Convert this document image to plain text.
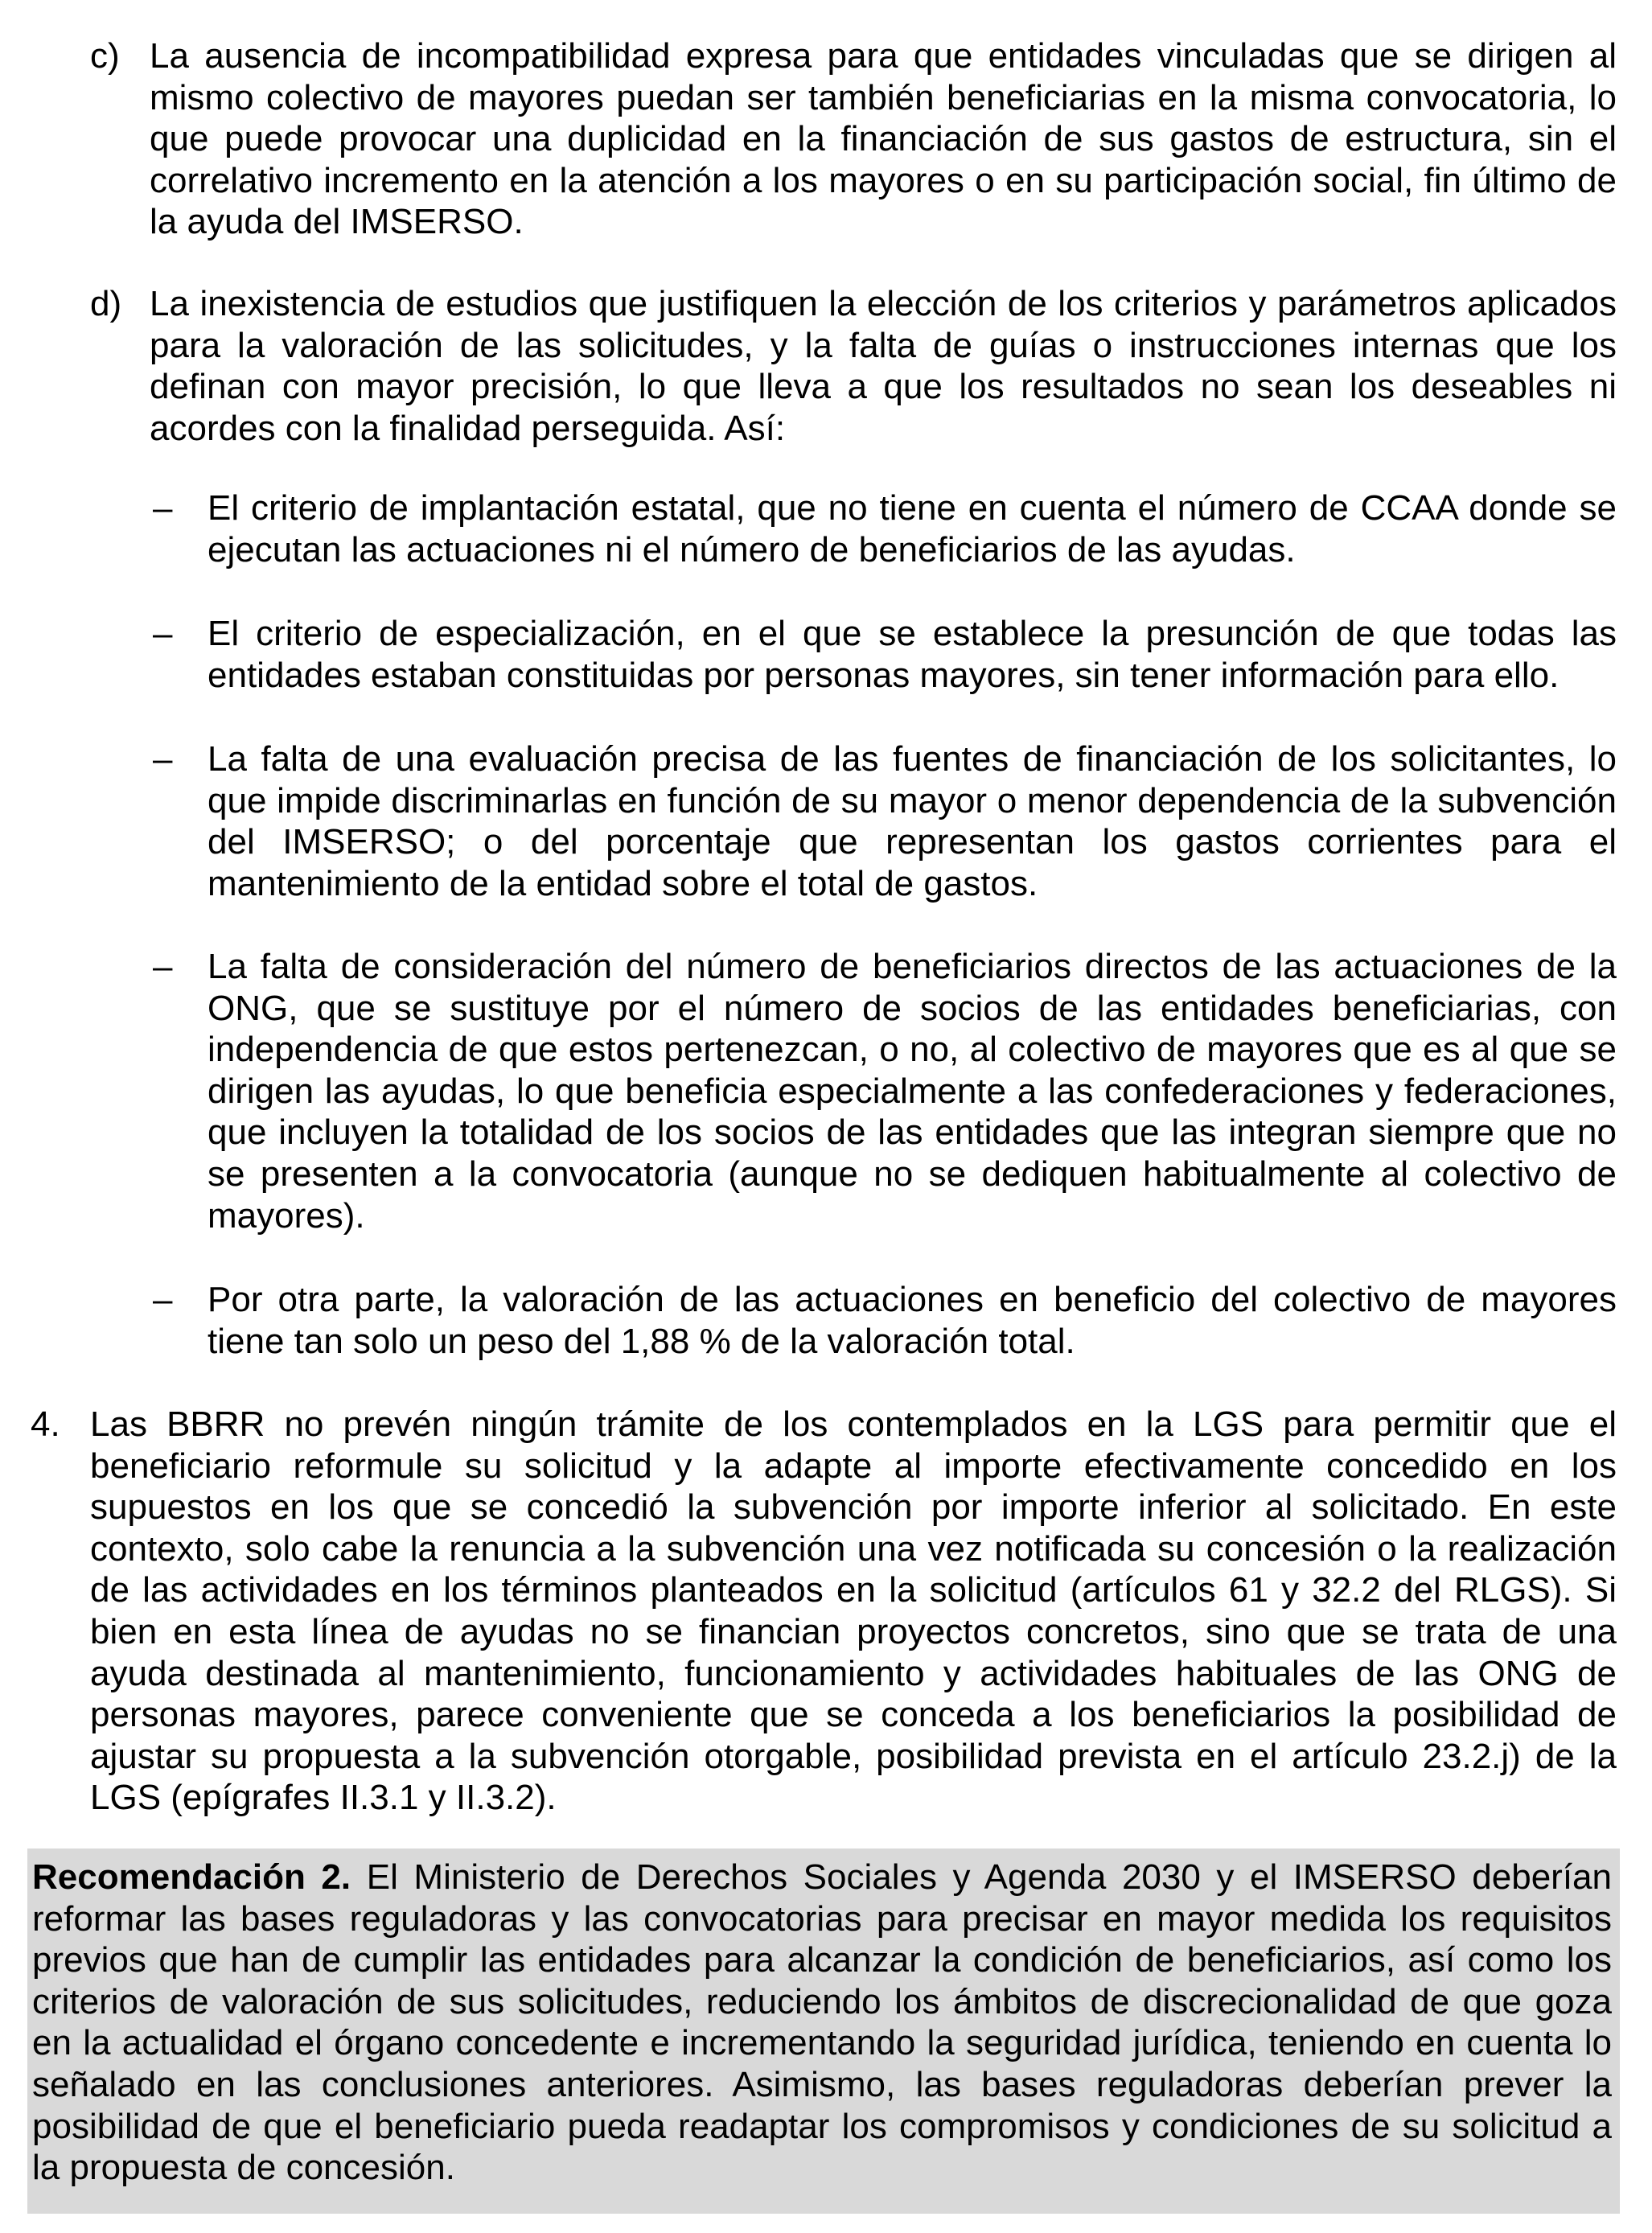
c) La ausencia de incompatibilidad expresa para que entidades vinculadas que se dirigen al mismo colectivo de mayores puedan ser también beneficiarias en la misma convocatoria, lo que puede provocar una duplicidad en la financiación de sus gastos de estructura, sin el correlativo incremento en la atención a los mayores o en su participación social, fin último de la ayuda del IMSERSO.

d) La inexistencia de estudios que justifiquen la elección de los criterios y parámetros aplicados para la valoración de las solicitudes, y la falta de guías o instrucciones internas que los definan con mayor precisión, lo que lleva a que los resultados no sean los deseables ni acordes con la finalidad perseguida. Así:

– El criterio de implantación estatal, que no tiene en cuenta el número de CCAA donde se ejecutan las actuaciones ni el número de beneficiarios de las ayudas.

– El criterio de especialización, en el que se establece la presunción de que todas las entidades estaban constituidas por personas mayores, sin tener información para ello.

– La falta de una evaluación precisa de las fuentes de financiación de los solicitantes, lo que impide discriminarlas en función de su mayor o menor dependencia de la subvención del IMSERSO; o del porcentaje que representan los gastos corrientes para el mantenimiento de la entidad sobre el total de gastos.

– La falta de consideración del número de beneficiarios directos de las actuaciones de la ONG, que se sustituye por el número de socios de las entidades beneficiarias, con independencia de que estos pertenezcan, o no, al colectivo de mayores que es al que se dirigen las ayudas, lo que beneficia especialmente a las confederaciones y federaciones, que incluyen la totalidad de los socios de las entidades que las integran siempre que no se presenten a la convocatoria (aunque no se dediquen habitualmente al colectivo de mayores).

– Por otra parte, la valoración de las actuaciones en beneficio del colectivo de mayores tiene tan solo un peso del 1,88 % de la valoración total.

4. Las BBRR no prevén ningún trámite de los contemplados en la LGS para permitir que el beneficiario reformule su solicitud y la adapte al importe efectivamente concedido en los supuestos en los que se concedió la subvención por importe inferior al solicitado. En este contexto, solo cabe la renuncia a la subvención una vez notificada su concesión o la realización de las actividades en los términos planteados en la solicitud (artículos 61 y 32.2 del RLGS). Si bien en esta línea de ayudas no se financian proyectos concretos, sino que se trata de una ayuda destinada al mantenimiento, funcionamiento y actividades habituales de las ONG de personas mayores, parece conveniente que se conceda a los beneficiarios la posibilidad de ajustar su propuesta a la subvención otorgable, posibilidad prevista en el artículo 23.2.j) de la LGS (epígrafes II.3.1 y II.3.2).

Recomendación 2. El Ministerio de Derechos Sociales y Agenda 2030 y el IMSERSO deberían reformar las bases reguladoras y las convocatorias para precisar en mayor medida los requisitos previos que han de cumplir las entidades para alcanzar la condición de beneficiarios, así como los criterios de valoración de sus solicitudes, reduciendo los ámbitos de discrecionalidad de que goza en la actualidad el órgano concedente e incrementando la seguridad jurídica, teniendo en cuenta lo señalado en las conclusiones anteriores. Asimismo, las bases reguladoras deberían prever la posibilidad de que el beneficiario pueda readaptar los compromisos y condiciones de su solicitud a la propuesta de concesión.
